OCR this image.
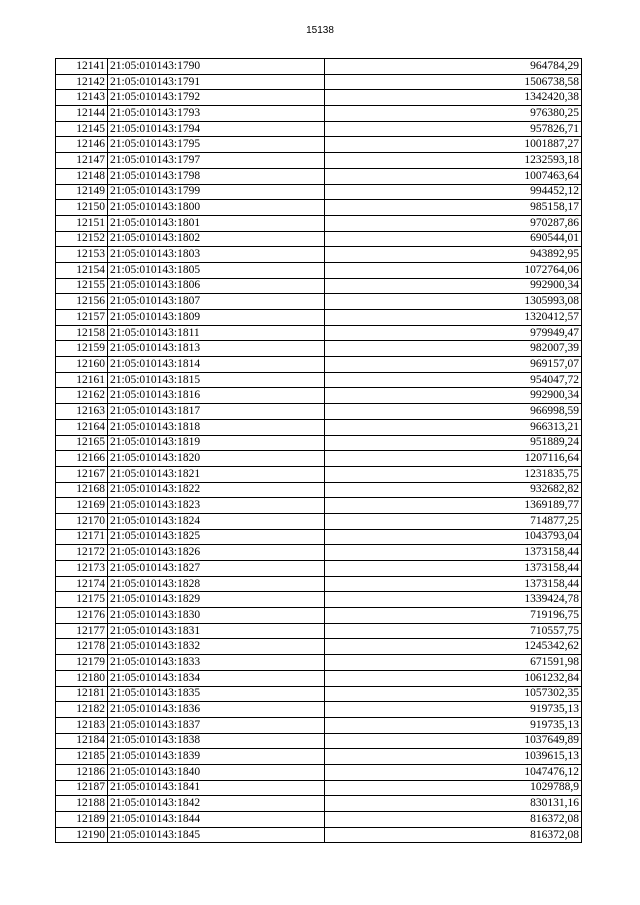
15138
12141	21:05:010143:1790	964784,29
12142	21:05:010143:1791	1506738,58
12143	21:05:010143:1792	1342420,38
12144	21:05:010143:1793	976380,25
12145	21:05:010143:1794	957826,71
12146	21:05:010143:1795	1001887,27
12147	21:05:010143:1797	1232593,18
12148	21:05:010143:1798	1007463,64
12149	21:05:010143:1799	994452,12
12150	21:05:010143:1800	985158,17
12151	21:05:010143:1801	970287,86
12152	21:05:010143:1802	690544,01
12153	21:05:010143:1803	943892,95
12154	21:05:010143:1805	1072764,06
12155	21:05:010143:1806	992900,34
12156	21:05:010143:1807	1305993,08
12157	21:05:010143:1809	1320412,57
12158	21:05:010143:1811	979949,47
12159	21:05:010143:1813	982007,39
12160	21:05:010143:1814	969157,07
12161	21:05:010143:1815	954047,72
12162	21:05:010143:1816	992900,34
12163	21:05:010143:1817	966998,59
12164	21:05:010143:1818	966313,21
12165	21:05:010143:1819	951889,24
12166	21:05:010143:1820	1207116,64
12167	21:05:010143:1821	1231835,75
12168	21:05:010143:1822	932682,82
12169	21:05:010143:1823	1369189,77
12170	21:05:010143:1824	714877,25
12171	21:05:010143:1825	1043793,04
12172	21:05:010143:1826	1373158,44
12173	21:05:010143:1827	1373158,44
12174	21:05:010143:1828	1373158,44
12175	21:05:010143:1829	1339424,78
12176	21:05:010143:1830	719196,75
12177	21:05:010143:1831	710557,75
12178	21:05:010143:1832	1245342,62
12179	21:05:010143:1833	671591,98
12180	21:05:010143:1834	1061232,84
12181	21:05:010143:1835	1057302,35
12182	21:05:010143:1836	919735,13
12183	21:05:010143:1837	919735,13
12184	21:05:010143:1838	1037649,89
12185	21:05:010143:1839	1039615,13
12186	21:05:010143:1840	1047476,12
12187	21:05:010143:1841	1029788,9
12188	21:05:010143:1842	830131,16
12189	21:05:010143:1844	816372,08
12190	21:05:010143:1845	816372,08
